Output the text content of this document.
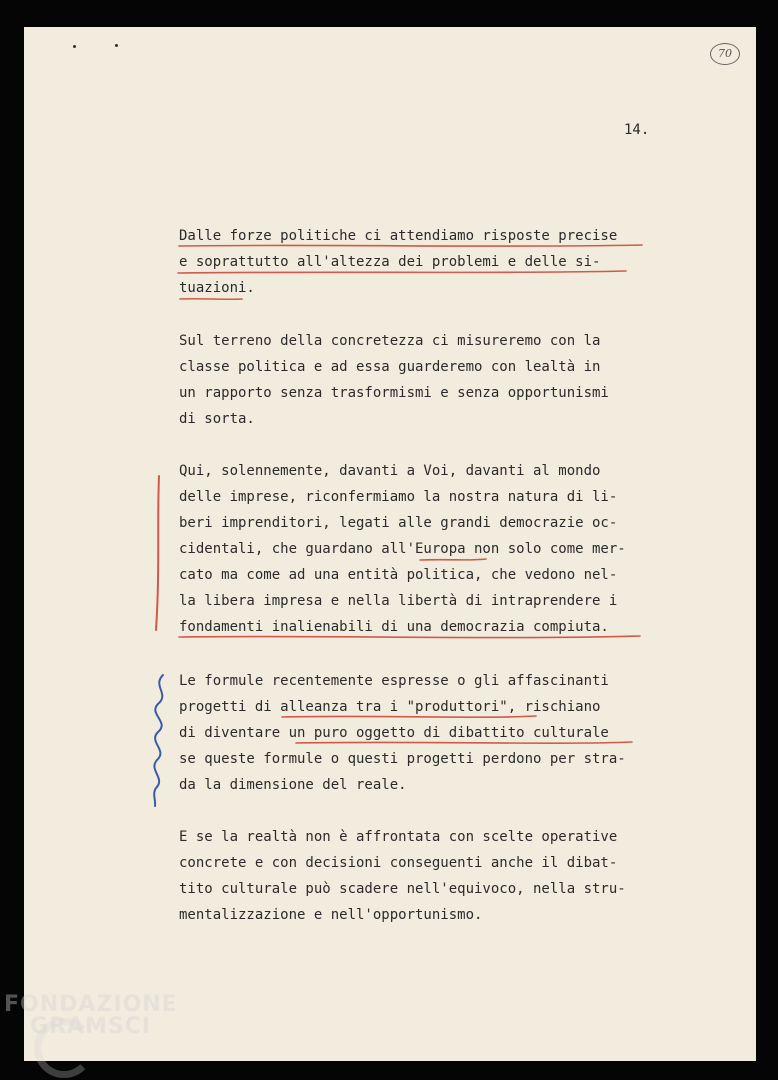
70
14.
Dalle forze politiche ci attendiamo risposte precise
e soprattutto all'altezza dei problemi e delle si-
tuazioni.
Sul terreno della concretezza ci misureremo con la
classe politica e ad essa guarderemo con lealtà in
un rapporto senza trasformismi e senza opportunismi
di sorta.
Qui, solennemente, davanti a Voi, davanti al mondo
delle imprese, riconfermiamo la nostra natura di li-
beri imprenditori, legati alle grandi democrazie oc-
cidentali, che guardano all'Europa non solo come mer-
cato ma come ad una entità politica, che vedono nel-
la libera impresa e nella libertà di intraprendere i
fondamenti inalienabili di una democrazia compiuta.
Le formule recentemente espresse o gli affascinanti
progetti di alleanza tra i "produttori", rischiano
di diventare un puro oggetto di dibattito culturale
se queste formule o questi progetti perdono per stra-
da la dimensione del reale.
E se la realtà non è affrontata con scelte operative
concrete e con decisioni conseguenti anche il dibat-
tito culturale può scadere nell'equivoco, nella stru-
mentalizzazione e nell'opportunismo.
FONDAZIONE
GRAMSCI
